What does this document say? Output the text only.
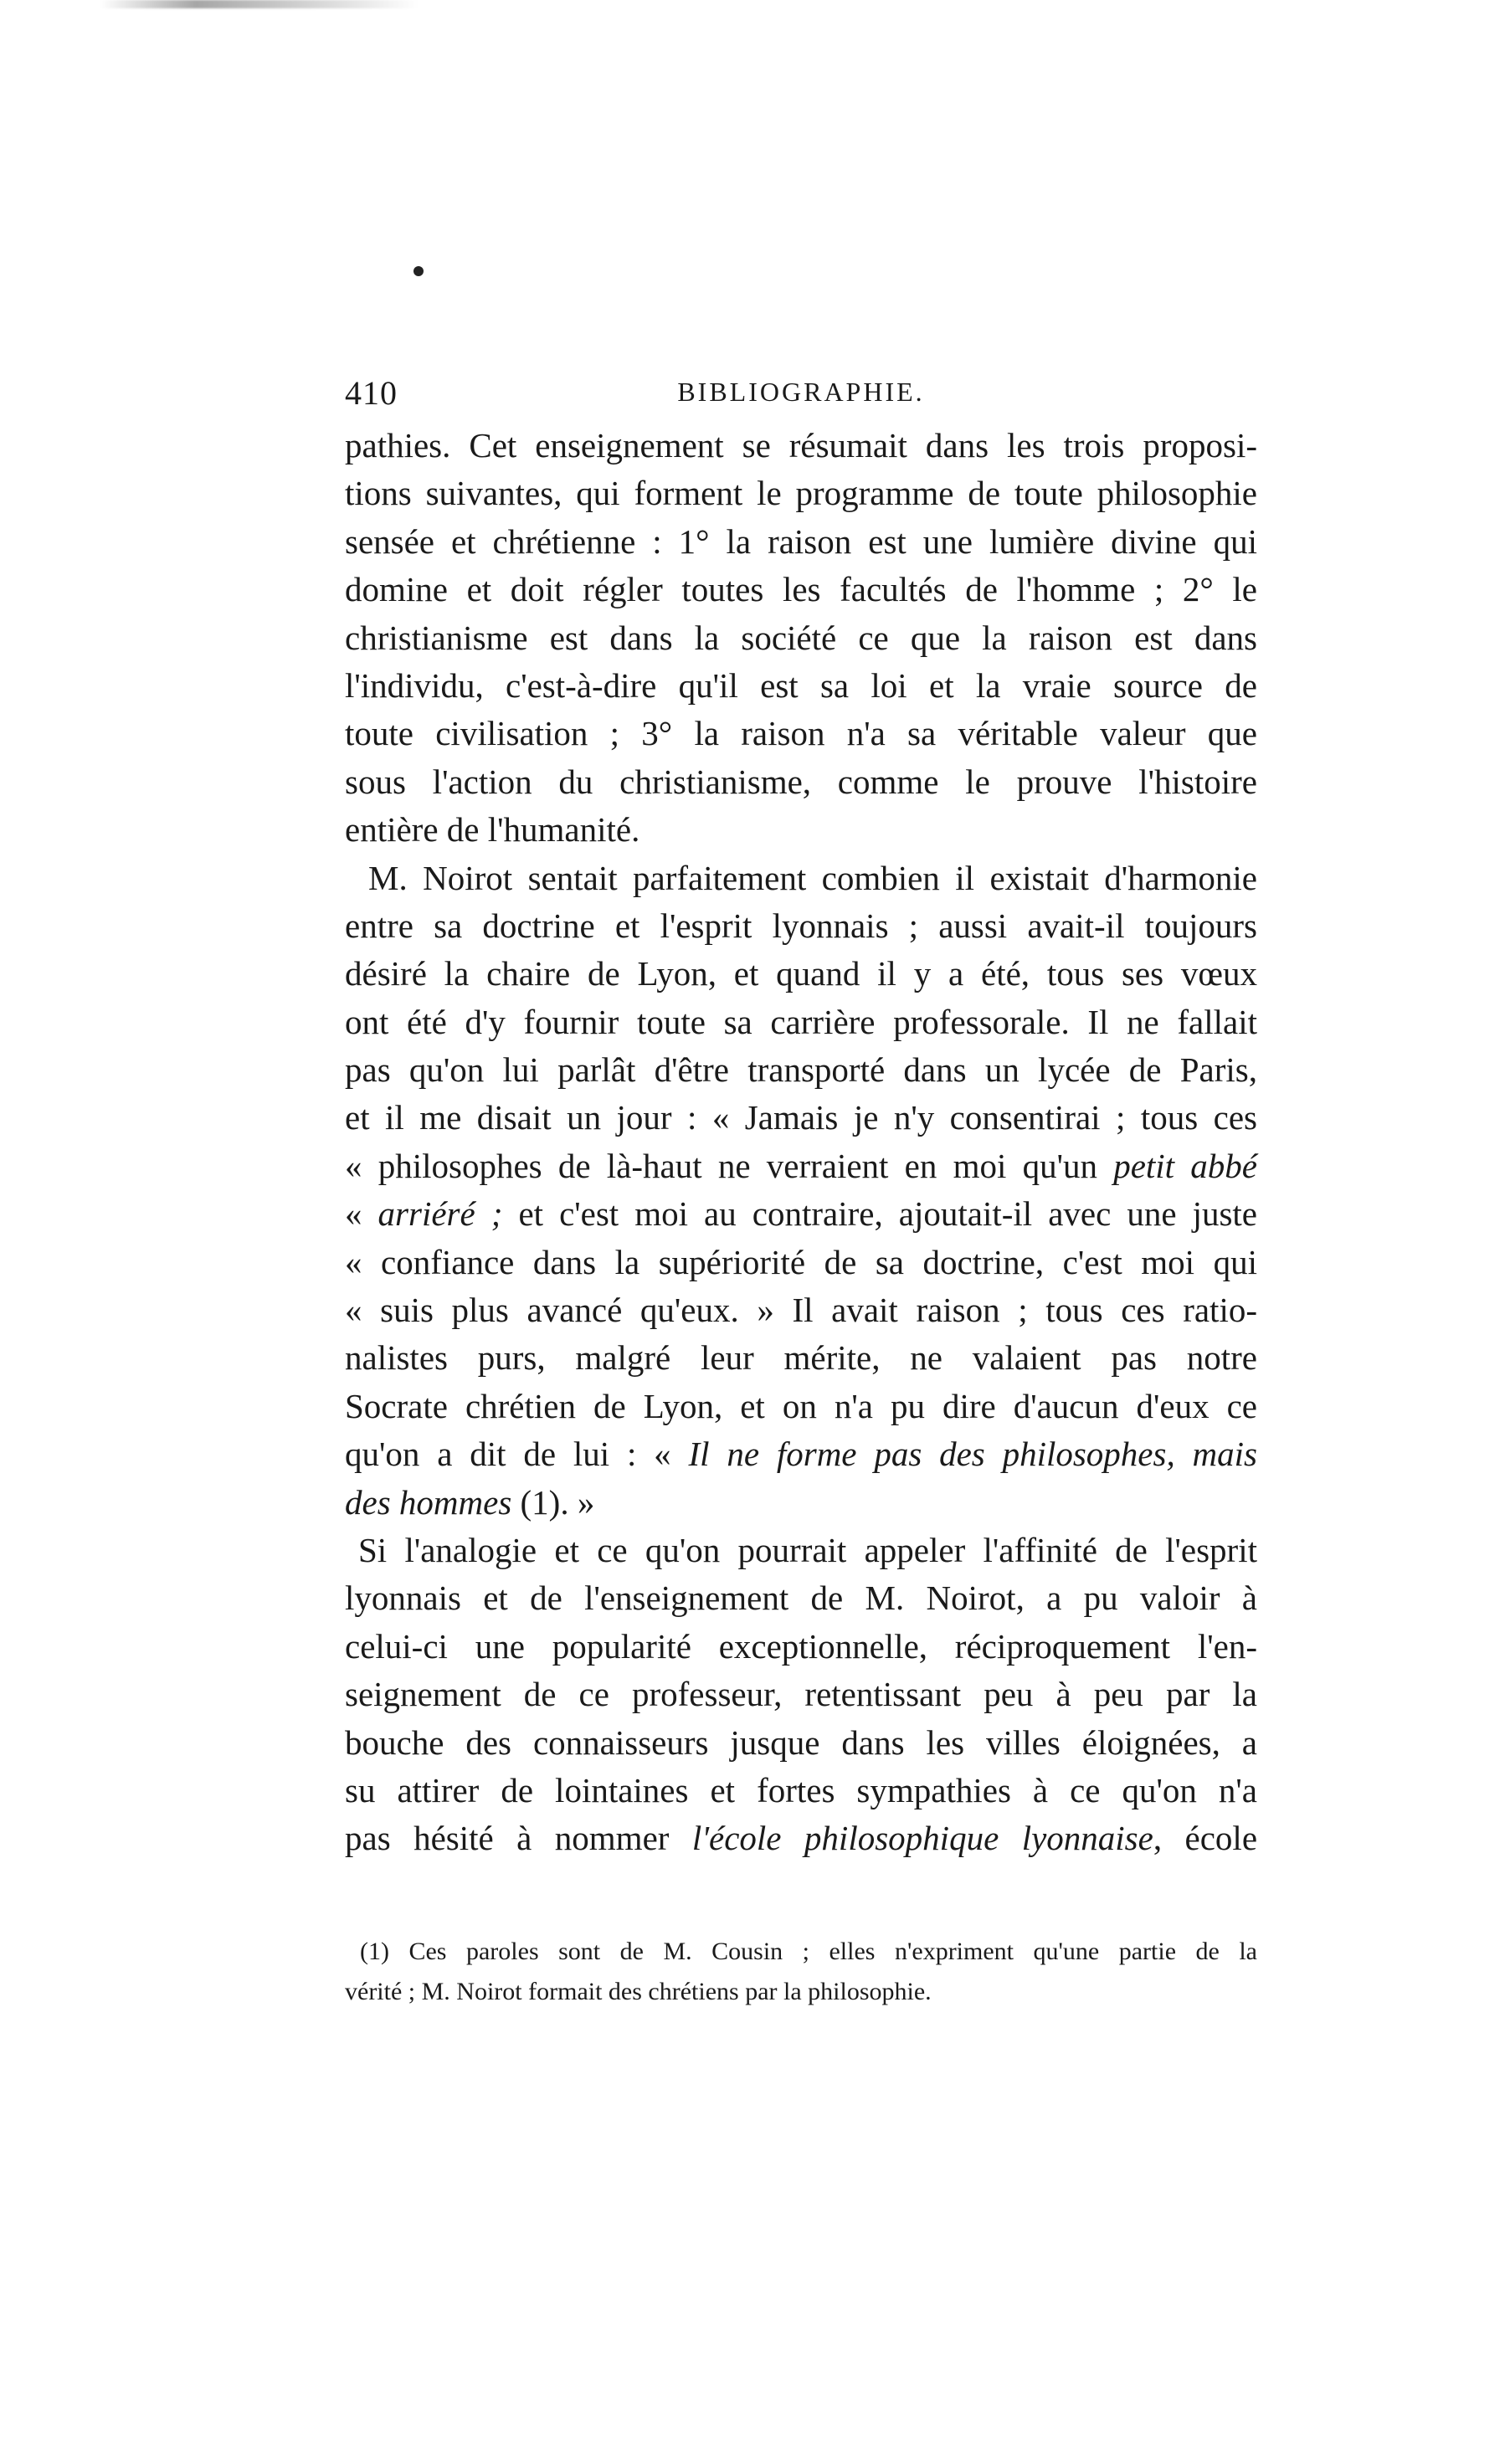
410	BIBLIOGRAPHIE.
pathies. Cet enseignement se résumait dans les trois proposi-
tions suivantes, qui forment le programme de toute philosophie
sensée et chrétienne : 1° la raison est une lumière divine qui
domine et doit régler toutes les facultés de l'homme ; 2° le
christianisme est dans la société ce que la raison est dans
l'individu, c'est-à-dire qu'il est sa loi et la vraie source de
toute civilisation ; 3° la raison n'a sa véritable valeur que
sous l'action du christianisme, comme le prouve l'histoire
entière de l'humanité.
M. Noirot sentait parfaitement combien il existait d'harmonie
entre sa doctrine et l'esprit lyonnais ; aussi avait-il toujours
désiré la chaire de Lyon, et quand il y a été, tous ses vœux
ont été d'y fournir toute sa carrière professorale. Il ne fallait
pas qu'on lui parlât d'être transporté dans un lycée de Paris,
et il me disait un jour : « Jamais je n'y consentirai ; tous ces
« philosophes de là-haut ne verraient en moi qu'un petit abbé
« arriéré ; et c'est moi au contraire, ajoutait-il avec une juste
« confiance dans la supériorité de sa doctrine, c'est moi qui
« suis plus avancé qu'eux. » Il avait raison ; tous ces ratio-
nalistes purs, malgré leur mérite, ne valaient pas notre
Socrate chrétien de Lyon, et on n'a pu dire d'aucun d'eux ce
qu'on a dit de lui : « Il ne forme pas des philosophes, mais
des hommes (1). »
Si l'analogie et ce qu'on pourrait appeler l'affinité de l'esprit
lyonnais et de l'enseignement de M. Noirot, a pu valoir à
celui-ci une popularité exceptionnelle, réciproquement l'en-
seignement de ce professeur, retentissant peu à peu par la
bouche des connaisseurs jusque dans les villes éloignées, a
su attirer de lointaines et fortes sympathies à ce qu'on n'a
pas hésité à nommer l'école philosophique lyonnaise, école
(1) Ces paroles sont de M. Cousin ; elles n'expriment qu'une partie de la
vérité ; M. Noirot formait des chrétiens par la philosophie.
